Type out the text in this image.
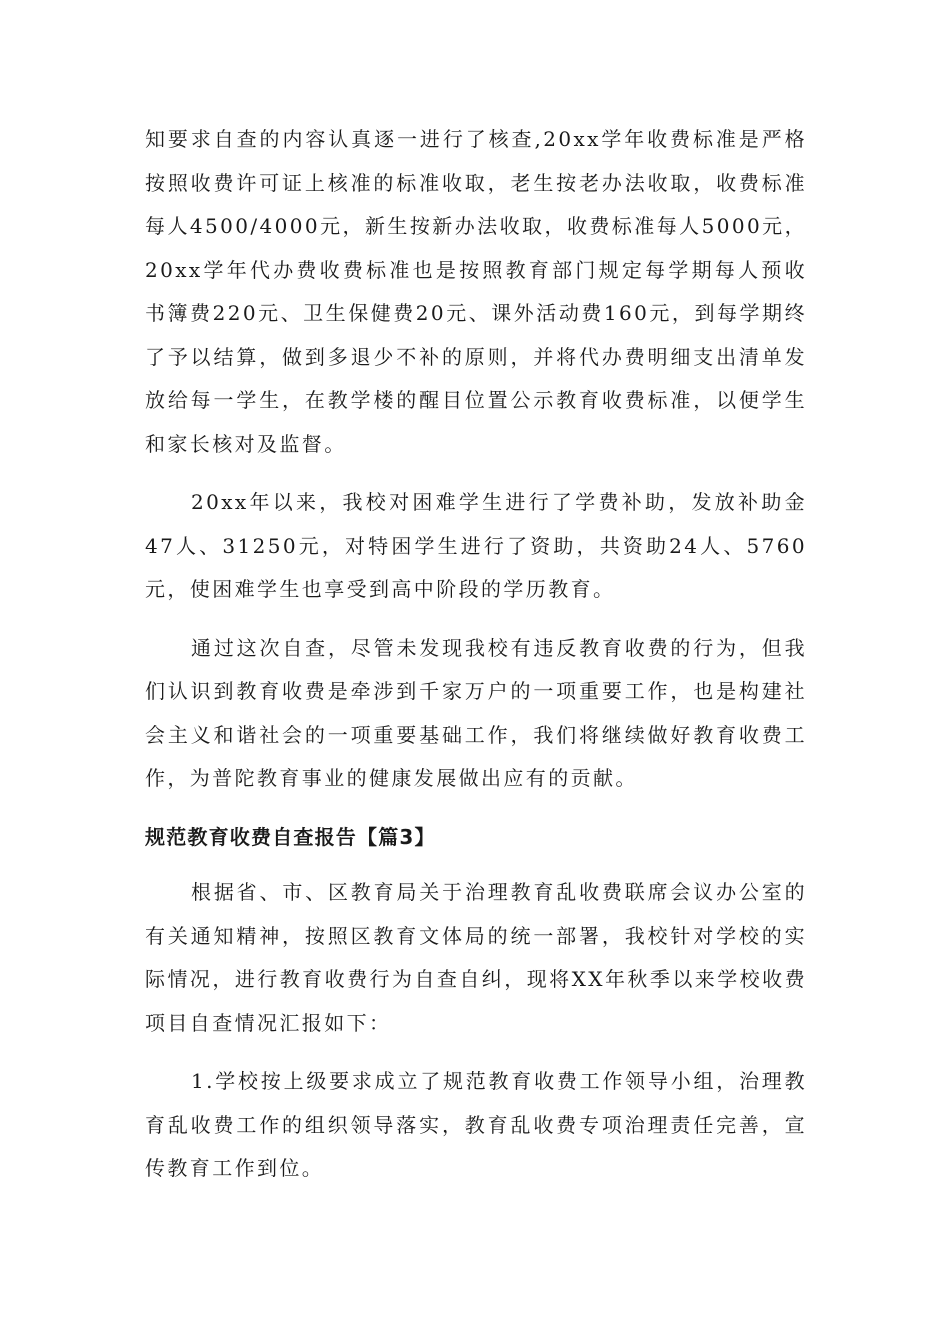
知要求自查的内容认真逐一进行了核查,20xx学年收费标准是严格按照收费许可证上核准的标准收取，老生按老办法收取，收费标准每人4500/4000元，新生按新办法收取，收费标准每人5000元，20xx学年代办费收费标准也是按照教育部门规定每学期每人预收书簿费220元、卫生保健费20元、课外活动费160元，到每学期终了予以结算，做到多退少不补的原则，并将代办费明细支出清单发放给每一学生，在教学楼的醒目位置公示教育收费标准，以便学生和家长核对及监督。

20xx年以来，我校对困难学生进行了学费补助，发放补助金47人、31250元，对特困学生进行了资助，共资助24人、5760元，使困难学生也享受到高中阶段的学历教育。

通过这次自查，尽管未发现我校有违反教育收费的行为，但我们认识到教育收费是牵涉到千家万户的一项重要工作，也是构建社会主义和谐社会的一项重要基础工作，我们将继续做好教育收费工作，为普陀教育事业的健康发展做出应有的贡献。

规范教育收费自查报告【篇3】

根据省、市、区教育局关于治理教育乱收费联席会议办公室的有关通知精神，按照区教育文体局的统一部署，我校针对学校的实际情况，进行教育收费行为自查自纠，现将XX年秋季以来学校收费项目自查情况汇报如下：

1.学校按上级要求成立了规范教育收费工作领导小组，治理教育乱收费工作的组织领导落实，教育乱收费专项治理责任完善，宣传教育工作到位。
